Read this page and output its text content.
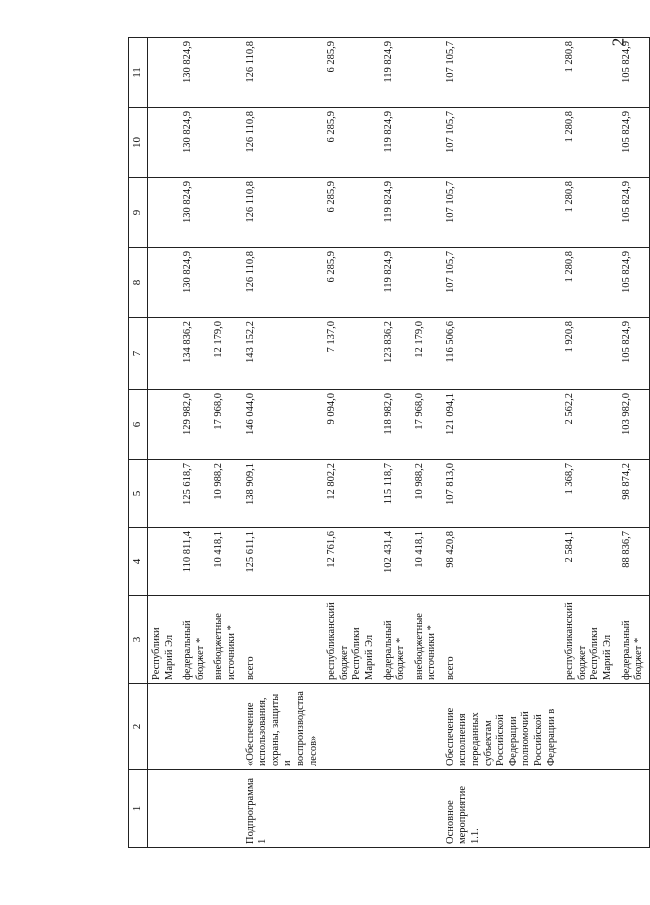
2
1	2	3	4	5	6	7	8	9	10	11
		Республики Марий Эл								
		федеральный бюджет *	110 811,4	125 618,7	129 982,0	134 836,2	130 824,9	130 824,9	130 824,9	130 824,9
		внебюджетные источники *	10 418,1	10 988,2	17 968,0	12 179,0				
Подпрограмма 1	«Обеспечение использования, охраны, защиты и воспроизводства лесов»	всего	125 611,1	138 909,1	146 044,0	143 152,2	126 110,8	126 110,8	126 110,8	126 110,8
		республиканский бюджет Республики Марий Эл	12 761,6	12 802,2	9 094,0	7 137,0	6 285,9	6 285,9	6 285,9	6 285,9
		федеральный бюджет *	102 431,4	115 118,7	118 982,0	123 836,2	119 824,9	119 824,9	119 824,9	119 824,9
		внебюджетные источники *	10 418,1	10 988,2	17 968,0	12 179,0				
Основное мероприятие 1.1.	Обеспечение исполнения переданных субъектам Российской Федерации полномочий Российской Федерации в	всего	98 420,8	107 813,0	121 094,1	116 506,6	107 105,7	107 105,7	107 105,7	107 105,7
		республиканский бюджет Республики Марий Эл	2 584,1	1 368,7	2 562,2	1 920,8	1 280,8	1 280,8	1 280,8	1 280,8
		федеральный бюджет *	88 836,7	98 874,2	103 982,0	105 824,9	105 824,9	105 824,9	105 824,9	105 824,9
